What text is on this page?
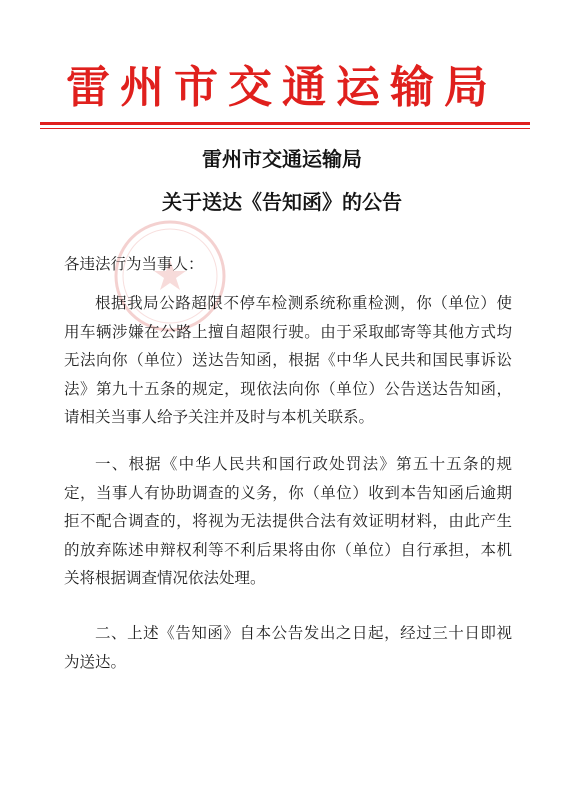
雷州市交通运输局
雷州市交通运输局
关于送达《告知函》的公告
各违法行为当事人：

根据我局公路超限不停车检测系统称重检测，你（单位）使用车辆涉嫌在公路上擅自超限行驶。由于采取邮寄等其他方式均无法向你（单位）送达告知函，根据《中华人民共和国民事诉讼法》第九十五条的规定，现依法向你（单位）公告送达告知函，请相关当事人给予关注并及时与本机关联系。

一、根据《中华人民共和国行政处罚法》第五十五条的规定，当事人有协助调查的义务，你（单位）收到本告知函后逾期拒不配合调查的，将视为无法提供合法有效证明材料，由此产生的放弃陈述申辩权利等不利后果将由你（单位）自行承担，本机关将根据调查情况依法处理。

二、上述《告知函》自本公告发出之日起，经过三十日即视为送达。
